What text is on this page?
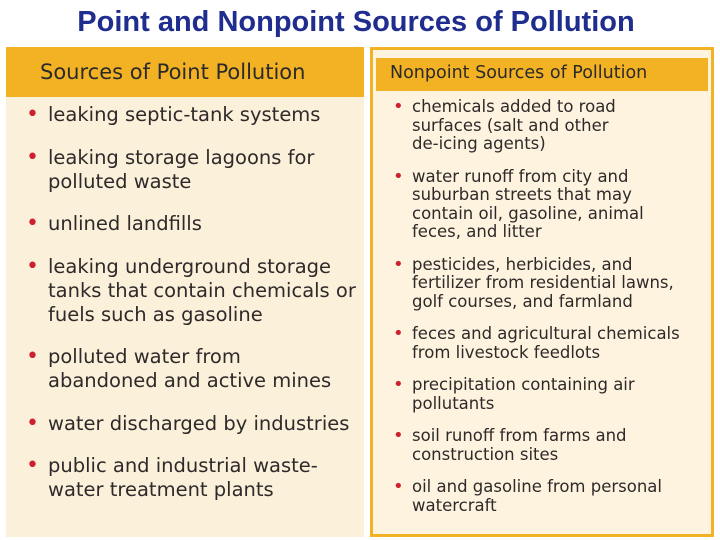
Point and Nonpoint Sources of Pollution
Sources of Point Pollution
• leaking septic-tank systems
• leaking storage lagoons for
polluted waste
• unlined landfills
• leaking underground storage
tanks that contain chemicals or
fuels such as gasoline
• polluted water from
abandoned and active mines
• water discharged by industries
• public and industrial waste-
water treatment plants
Nonpoint Sources of Pollution
• chemicals added to road
surfaces (salt and other
de-icing agents)
• water runoff from city and
suburban streets that may
contain oil, gasoline, animal
feces, and litter
• pesticides, herbicides, and
fertilizer from residential lawns,
golf courses, and farmland
• feces and agricultural chemicals
from livestock feedlots
• precipitation containing air
pollutants
• soil runoff from farms and
construction sites
• oil and gasoline from personal
watercraft
